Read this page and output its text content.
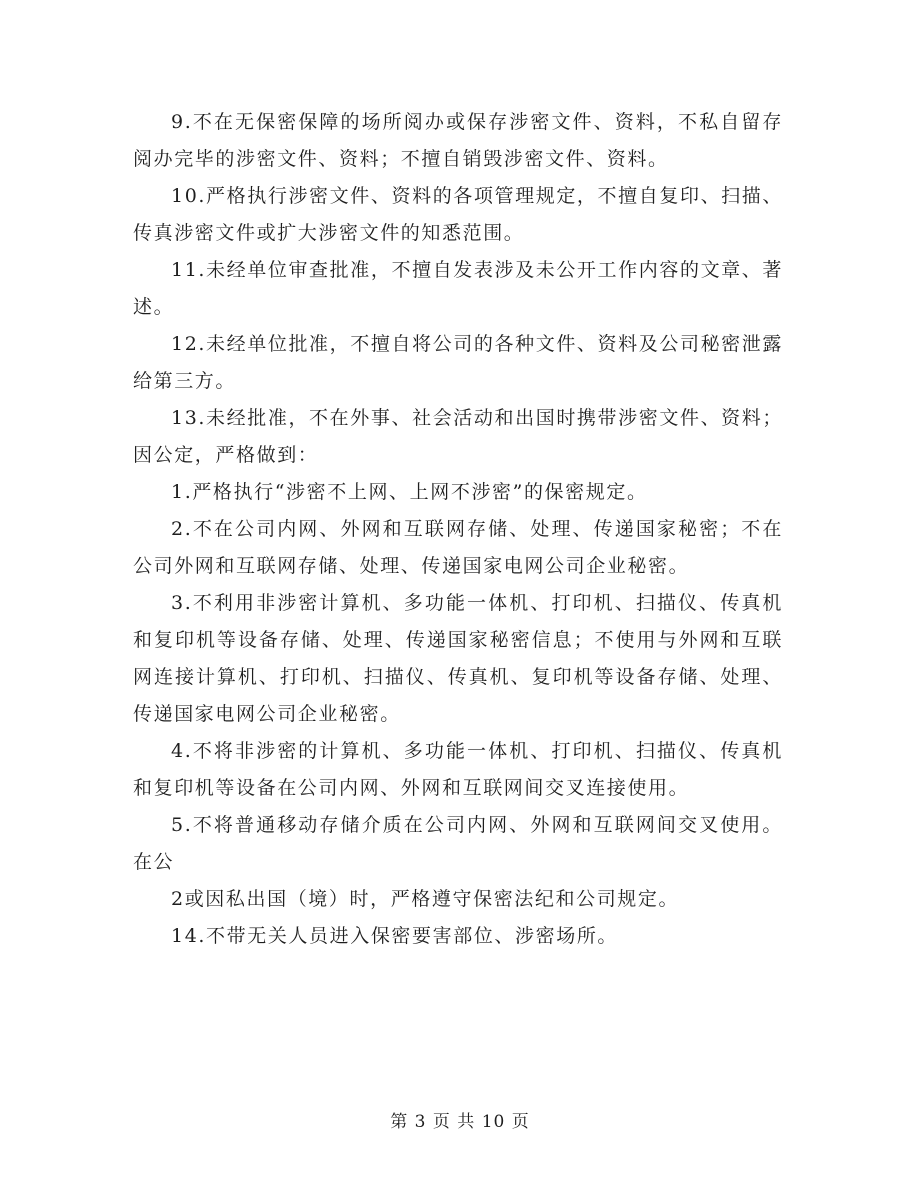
9.不在无保密保障的场所阅办或保存涉密文件、资料，不私自留存阅办完毕的涉密文件、资料；不擅自销毁涉密文件、资料。

10.严格执行涉密文件、资料的各项管理规定，不擅自复印、扫描、传真涉密文件或扩大涉密文件的知悉范围。

11.未经单位审查批准，不擅自发表涉及未公开工作内容的文章、著述。

12.未经单位批准，不擅自将公司的各种文件、资料及公司秘密泄露给第三方。

13.未经批准，不在外事、社会活动和出国时携带涉密文件、资料；因公定，严格做到：

1.严格执行“涉密不上网、上网不涉密”的保密规定。

2.不在公司内网、外网和互联网存储、处理、传递国家秘密；不在公司外网和互联网存储、处理、传递国家电网公司企业秘密。

3.不利用非涉密计算机、多功能一体机、打印机、扫描仪、传真机和复印机等设备存储、处理、传递国家秘密信息；不使用与外网和互联网连接计算机、打印机、扫描仪、传真机、复印机等设备存储、处理、传递国家电网公司企业秘密。

4.不将非涉密的计算机、多功能一体机、打印机、扫描仪、传真机和复印机等设备在公司内网、外网和互联网间交叉连接使用。

5.不将普通移动存储介质在公司内网、外网和互联网间交叉使用。在公

2或因私出国（境）时，严格遵守保密法纪和公司规定。

14.不带无关人员进入保密要害部位、涉密场所。

第 3 页 共 10 页
